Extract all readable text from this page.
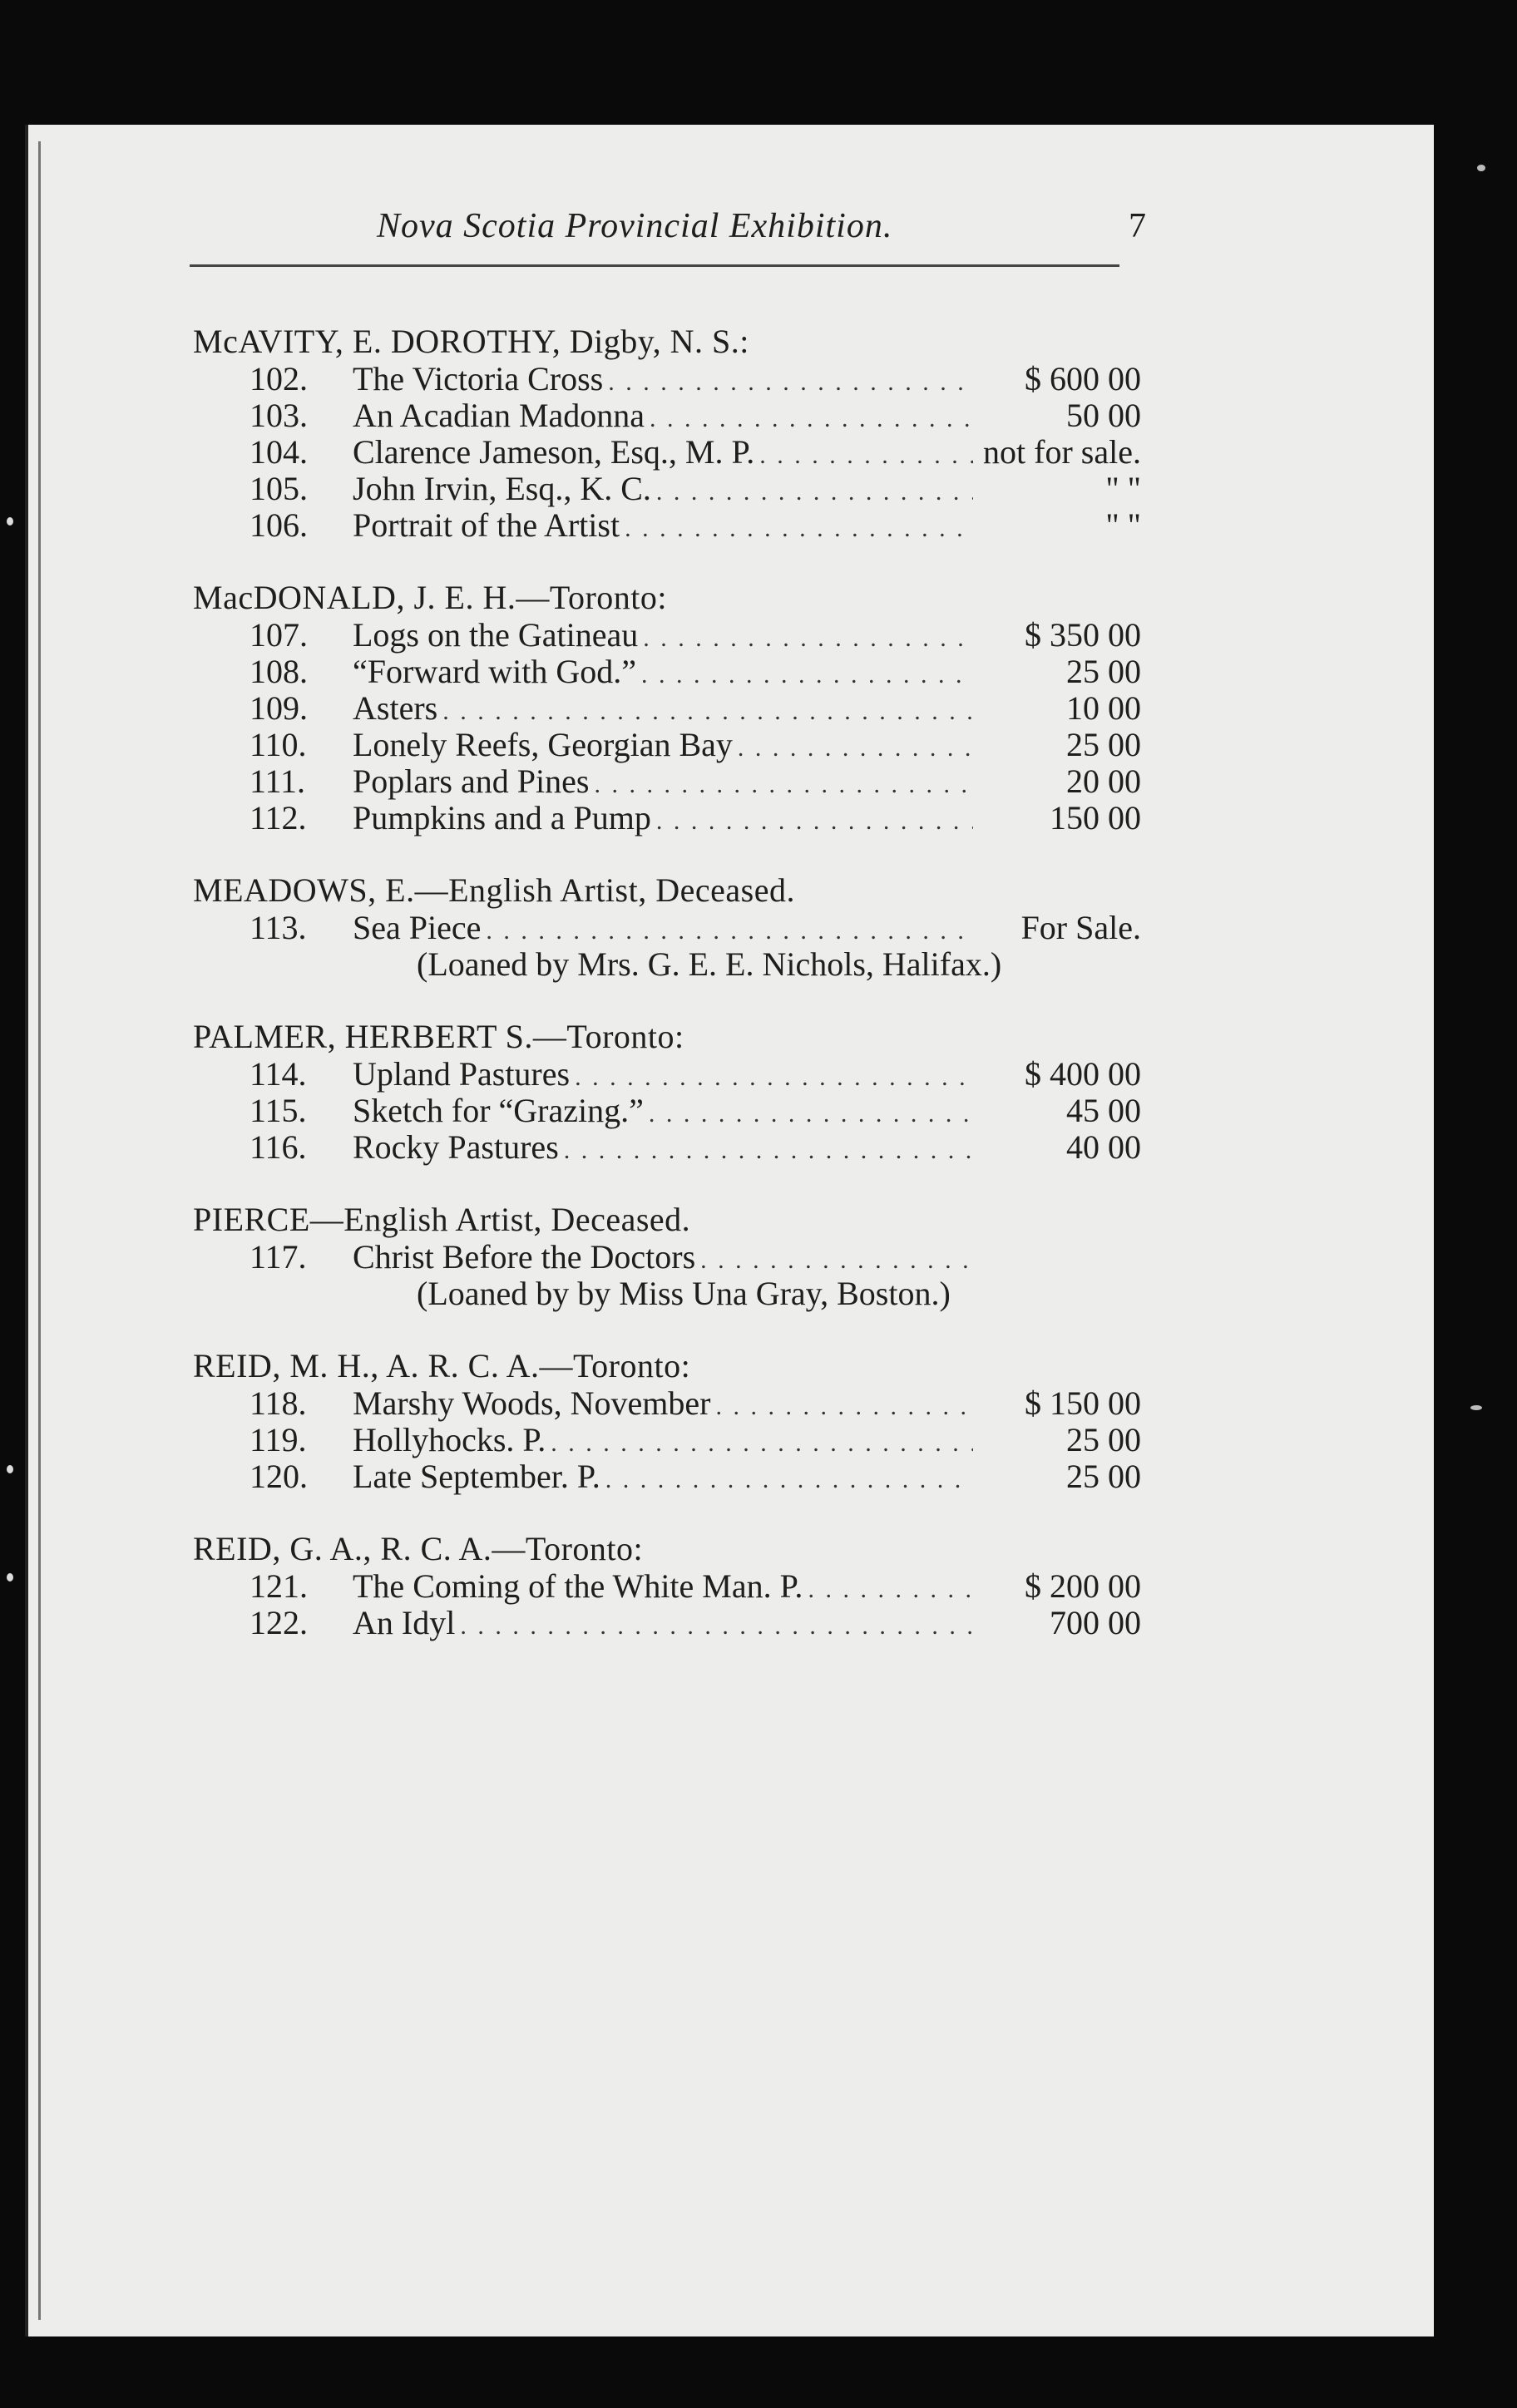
Nova Scotia Provincial Exhibition.	7
McAVITY, E. DOROTHY, Digby, N. S.:
102.	The Victoria Cross . . .	$ 600 00
103.	An Acadian Madonna . . .	50 00
104.	Clarence Jameson, Esq., M. P. . . .	not for sale.
105.	John Irvin, Esq., K. C. . . .	" "
106.	Portrait of the Artist . . .	" "
MacDONALD, J. E. H.—Toronto:
107.	Logs on the Gatineau . . .	$ 350 00
108.	“Forward with God.” . . .	25 00
109.	Asters . . .	10 00
110.	Lonely Reefs, Georgian Bay . . .	25 00
111.	Poplars and Pines . . .	20 00
112.	Pumpkins and a Pump . . .	150 00
MEADOWS, E.—English Artist, Deceased.
113.	Sea Piece . . .	For Sale.
(Loaned by Mrs. G. E. E. Nichols, Halifax.)
PALMER, HERBERT S.—Toronto:
114.	Upland Pastures . . .	$ 400 00
115.	Sketch for “Grazing.” . . .	45 00
116.	Rocky Pastures . . .	40 00
PIERCE—English Artist, Deceased.
117.	Christ Before the Doctors
. . .
(Loaned by by Miss Una Gray, Boston.)
REID, M. H., A. R. C. A.—Toronto:
118.	Marshy Woods, November . . .	$ 150 00
119.	Hollyhocks. P. . . .	25 00
120.	Late September. P. . . .	25 00
REID, G. A., R. C. A.—Toronto:
121.	The Coming of the White Man. P. . . .	$ 200 00
122.	An Idyl . . .	700 00
